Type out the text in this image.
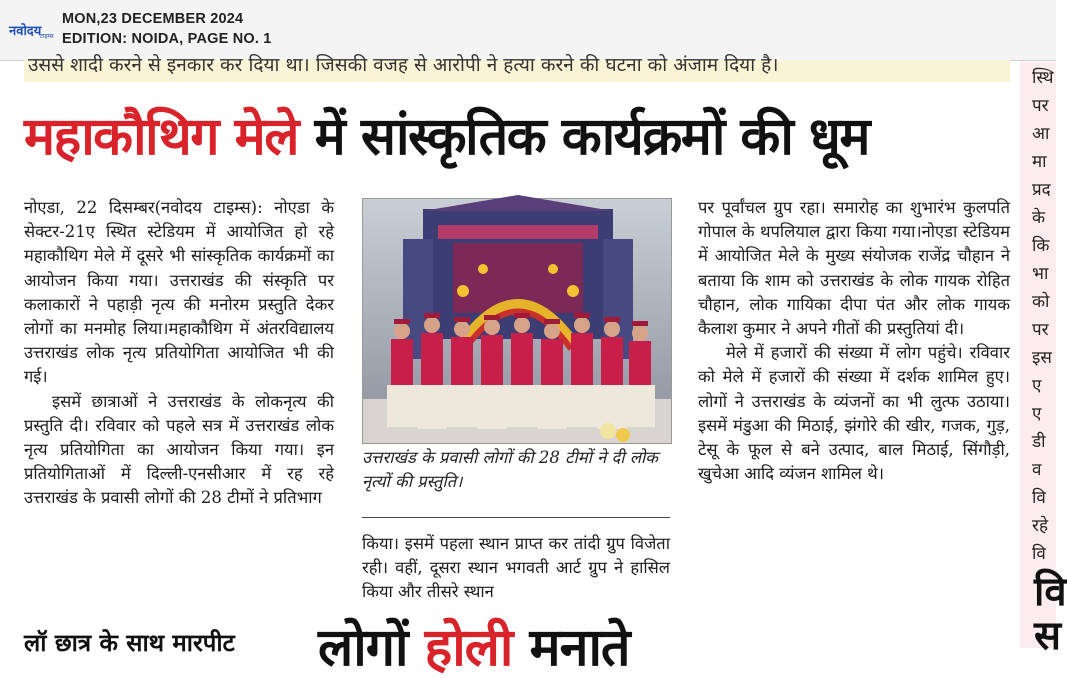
नवोदय
टाइम्स
MON,23 DECEMBER 2024
EDITION: NOIDA, PAGE NO. 1
उससे शादी करने से इनकार कर दिया था। जिसकी वजह से आरोपी ने हत्या करने की घटना को अंजाम दिया है।
महाकौथिग मेले में सांस्कृतिक कार्यक्रमों की धूम

नोएडा, 22 दिसम्बर(नवोदय टाइम्स): नोएडा के सेक्टर-21ए स्थित स्टेडियम में आयोजित हो रहे महाकौथिग मेले में दूसरे भी सांस्कृतिक कार्यक्रमों का आयोजन किया गया। उत्तराखंड की संस्कृति पर कलाकारों ने पहाड़ी नृत्य की मनोरम प्रस्तुति देकर लोगों का मनमोह लिया।महाकौथिग में अंतरविद्यालय उत्तराखंड लोक नृत्य प्रतियोगिता आयोजित भी की गई।

इसमें छात्राओं ने उत्तराखंड के लोकनृत्य की प्रस्तुति दी। रविवार को पहले सत्र में उत्तराखंड लोक नृत्य प्रतियोगिता का आयोजन किया गया। इन प्रतियोगिताओं में दिल्ली-एनसीआर में रह रहे उत्तराखंड के प्रवासी लोगों की 28 टीमों ने प्रतिभाग

उत्तराखंड के प्रवासी लोगों की 28 टीमों ने दी लोक नृत्यों की प्रस्तुति।

किया। इसमें पहला स्थान प्राप्त कर तांदी ग्रुप विजेता रही। वहीं, दूसरा स्थान भगवती आर्ट ग्रुप ने हासिल किया और तीसरे स्थान

पर पूर्वांचल ग्रुप रहा। समारोह का शुभारंभ कुलपति गोपाल के थपलियाल द्वारा किया गया।नोएडा स्टेडियम में आयोजित मेले के मुख्य संयोजक राजेंद्र चौहान ने बताया कि शाम को उत्तराखंड के लोक गायक रोहित चौहान, लोक गायिका दीपा पंत और लोक गायक कैलाश कुमार ने अपने गीतों की प्रस्तुतियां दी।

मेले में हजारों की संख्या में लोग पहुंचे। रविवार को मेले में हजारों की संख्या में दर्शक शामिल हुए। लोगों ने उत्तराखंड के व्यंजनों का भी लुत्फ उठाया। इसमें मंडुआ की मिठाई, झंगोरे की खीर, गजक, गुड़, टेसू के फूल से बने उत्पाद, बाल मिठाई, सिंगौड़ी, खुचेआ आदि व्यंजन शामिल थे।

स्थि
पर
आ
मा
प्रद
के
कि
भा
को
पर
इस
ए
ए
डी
व
वि
रहे
वि
वि
स
लॉ छात्र के साथ मारपीट लोगों होली मनाते
